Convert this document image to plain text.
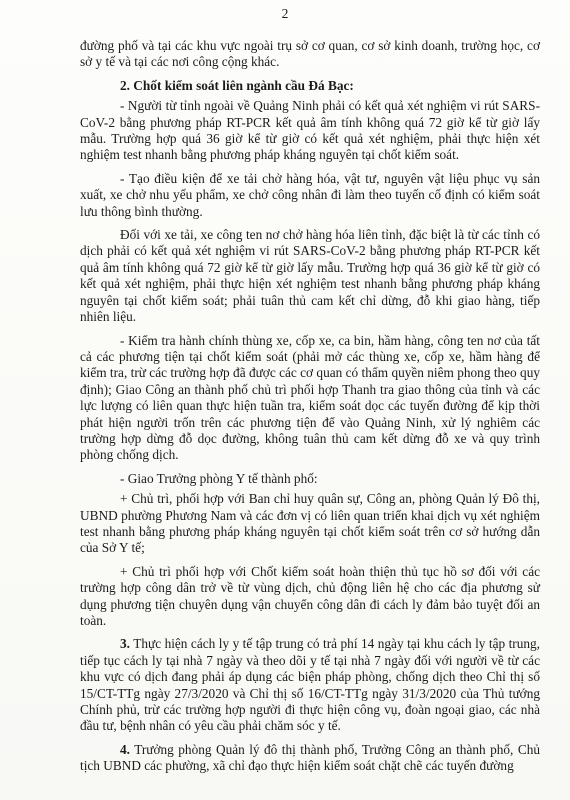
2

đường phố và tại các khu vực ngoài trụ sở cơ quan, cơ sở kinh doanh, trường học, cơ sở y tế và tại các nơi công cộng khác.

2. Chốt kiểm soát liên ngành cầu Đá Bạc:

- Người từ tỉnh ngoài về Quảng Ninh phải có kết quả xét nghiệm vi rút SARS-CoV-2 bằng phương pháp RT-PCR kết quả âm tính không quá 72 giờ kể từ giờ lấy mẫu. Trường hợp quá 36 giờ kể từ giờ có kết quả xét nghiệm, phải thực hiện xét nghiệm test nhanh bằng phương pháp kháng nguyên tại chốt kiểm soát.

- Tạo điều kiện để xe tải chở hàng hóa, vật tư, nguyên vật liệu phục vụ sản xuất, xe chở nhu yếu phẩm, xe chở công nhân đi làm theo tuyến cố định có kiểm soát lưu thông bình thường.

Đối với xe tải, xe công ten nơ chở hàng hóa liên tỉnh, đặc biệt là từ các tỉnh có dịch phải có kết quả xét nghiệm vi rút SARS-CoV-2 bằng phương pháp RT-PCR kết quả âm tính không quá 72 giờ kể từ giờ lấy mẫu. Trường hợp quá 36 giờ kể từ giờ có kết quả xét nghiệm, phải thực hiện xét nghiệm test nhanh bằng phương pháp kháng nguyên tại chốt kiểm soát; phải tuân thủ cam kết chỉ dừng, đỗ khi giao hàng, tiếp nhiên liệu.

- Kiểm tra hành chính thùng xe, cốp xe, ca bin, hầm hàng, công ten nơ của tất cả các phương tiện tại chốt kiểm soát (phải mở các thùng xe, cốp xe, hầm hàng để kiểm tra, trừ các trường hợp đã được các cơ quan có thẩm quyền niêm phong theo quy định); Giao Công an thành phố chủ trì phối hợp Thanh tra giao thông của tỉnh và các lực lượng có liên quan thực hiện tuần tra, kiểm soát dọc các tuyến đường để kịp thời phát hiện người trốn trên các phương tiện để vào Quảng Ninh, xử lý nghiêm các trường hợp dừng đỗ dọc đường, không tuân thủ cam kết dừng đỗ xe và quy trình phòng chống dịch.

- Giao Trưởng phòng Y tế thành phố:

+ Chủ trì, phối hợp với Ban chỉ huy quân sự, Công an, phòng Quản lý Đô thị, UBND phường Phương Nam và các đơn vị có liên quan triển khai dịch vụ xét nghiệm test nhanh bằng phương pháp kháng nguyên tại chốt kiểm soát trên cơ sở hướng dẫn của Sở Y tế;

+ Chủ trì phối hợp với Chốt kiểm soát hoàn thiện thủ tục hồ sơ đối với các trường hợp công dân trở về từ vùng dịch, chủ động liên hệ cho các địa phương sử dụng phương tiện chuyên dụng vận chuyển công dân đi cách ly đảm bảo tuyệt đối an toàn.

3. Thực hiện cách ly y tế tập trung có trả phí 14 ngày tại khu cách ly tập trung, tiếp tục cách ly tại nhà 7 ngày và theo dõi y tế tại nhà 7 ngày đối với người về từ các khu vực có dịch đang phải áp dụng các biện pháp phòng, chống dịch theo Chỉ thị số 15/CT-TTg ngày 27/3/2020 và Chỉ thị số 16/CT-TTg ngày 31/3/2020 của Thủ tướng Chính phủ, trừ các trường hợp người đi thực hiện công vụ, đoàn ngoại giao, các nhà đầu tư, bệnh nhân có yêu cầu phải chăm sóc y tế.

4. Trưởng phòng Quản lý đô thị thành phố, Trưởng Công an thành phố, Chủ tịch UBND các phường, xã chỉ đạo thực hiện kiểm soát chặt chẽ các tuyến đường
